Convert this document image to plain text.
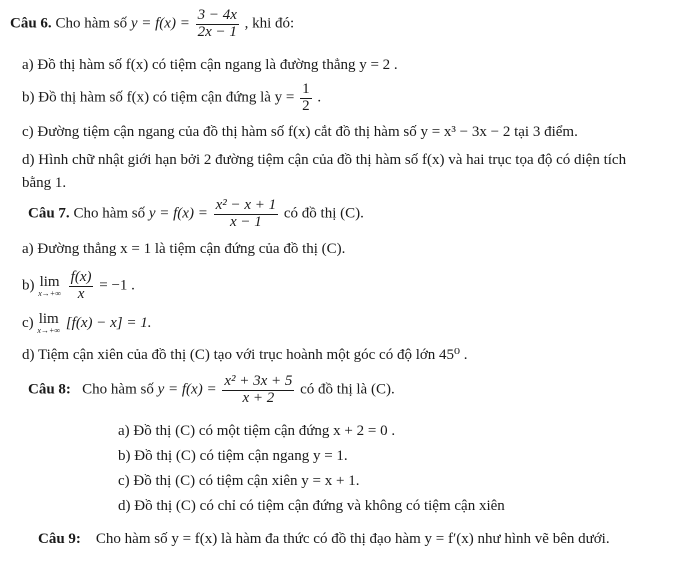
Câu 6. Cho hàm số $y = f(x) = \frac{3 - 4x}{2x - 1}$ , khi đó:
a) Đồ thị hàm số f(x) có tiệm cận ngang là đường thẳng y = 2 .
b) Đồ thị hàm số f(x) có tiệm cận đứng là $y = \frac{1}{2}$ .
c) Đường tiệm cận ngang của đồ thị hàm số f(x) cắt đồ thị hàm số y = x³ − 3x − 2 tại 3 điểm.
d) Hình chữ nhật giới hạn bởi 2 đường tiệm cận của đồ thị hàm số f(x) và hai trục tọa độ có diện tích
bằng 1.
Câu 7. Cho hàm số $y = f(x) = \frac{\text{x² − x + 1}}{x - 1}$ có đồ thị (C).
a) Đường thẳng x = 1 là tiệm cận đứng của đồ thị (C).
b) lim
x→+∞
$\frac{f(x)}{x} = -1$ .
c) lim
x→+∞ [f(x) − x] = 1.
d) Tiệm cận xiên của đồ thị (C) tạo với trục hoành một góc có độ lớn 45⁰ .
Câu 8: Cho hàm số $y = f(x) = \frac{\text{x² + 3x + 5}}{x + 2}$ có đồ thị là (C).
a) Đồ thị (C) có một tiệm cận đứng x + 2 = 0 .
b) Đồ thị (C) có tiệm cận ngang y = 1.
c) Đồ thị (C) có tiệm cận xiên y = x + 1.
d) Đồ thị (C) có chỉ có tiệm cận đứng và không có tiệm cận xiên
Câu 9: Cho hàm số y = f(x) là hàm đa thức có đồ thị đạo hàm y = f′(x) như hình vẽ bên dưới.
